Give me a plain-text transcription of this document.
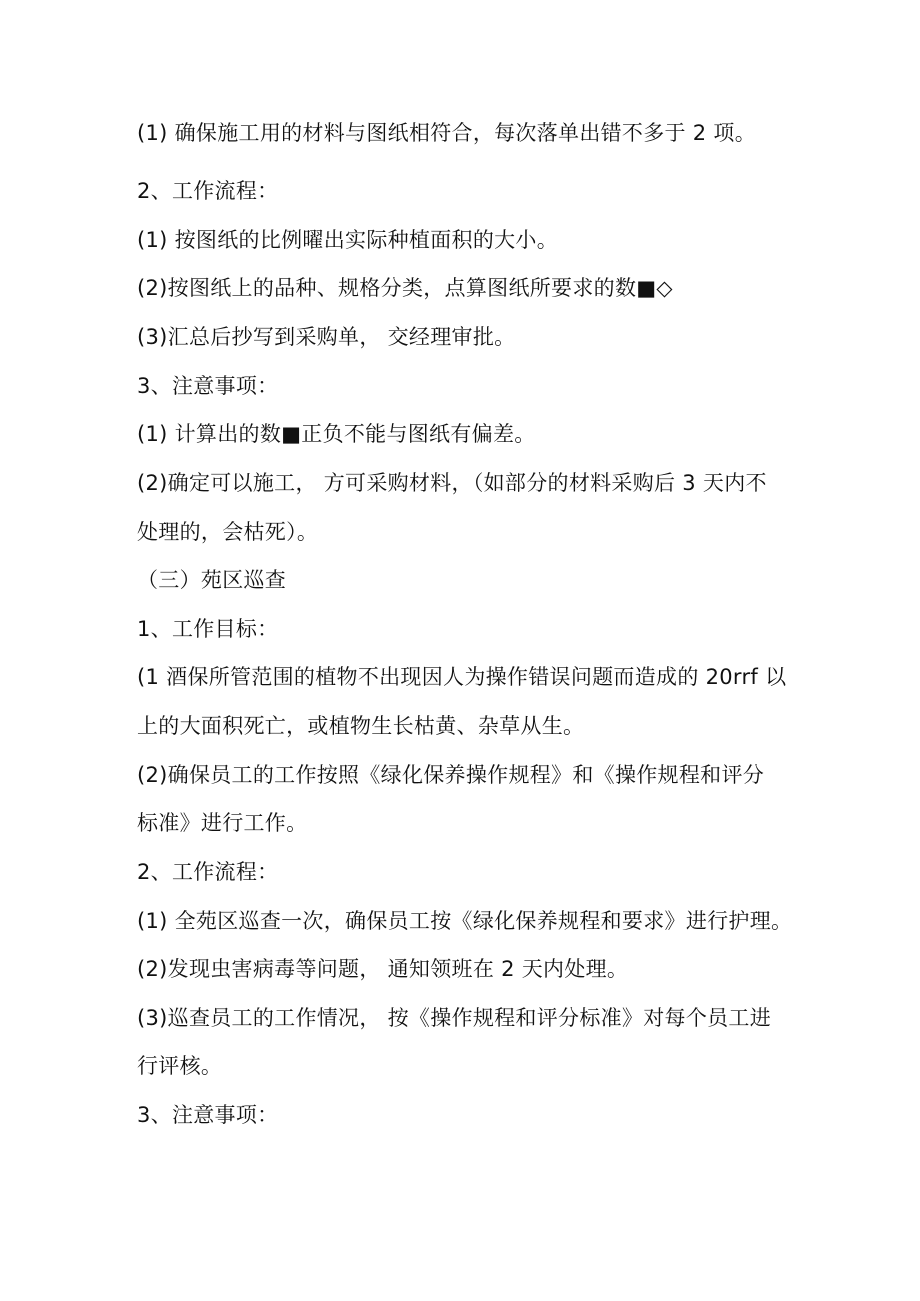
(1) 确保施工用的材料与图纸相符合，每次落单出错不多于 2 项。
2、工作流程：
(1) 按图纸的比例曜出实际种植面积的大小。
(2)按图纸上的品种、规格分类，点算图纸所要求的数■◇
(3)汇总后抄写到采购单， 交经理审批。
3、注意事项：
(1) 计算出的数■正负不能与图纸有偏差。
(2)确定可以施工， 方可采购材料，（如部分的材料采购后 3 天内不
处理的，会枯死）。
（三）苑区巡查
1、工作目标：
(1 酒保所管范围的植物不出现因人为操作错误问题而造成的 20rrf 以
上的大面积死亡，或植物生长枯黄、杂草从生。
(2)确保员工的工作按照《绿化保养操作规程》和《操作规程和评分
标准》进行工作。
2、工作流程：
(1) 全苑区巡查一次，确保员工按《绿化保养规程和要求》进行护理。
(2)发现虫害病毒等问题， 通知领班在 2 天内处理。
(3)巡查员工的工作情况， 按《操作规程和评分标准》对每个员工进
行评核。
3、注意事项：
